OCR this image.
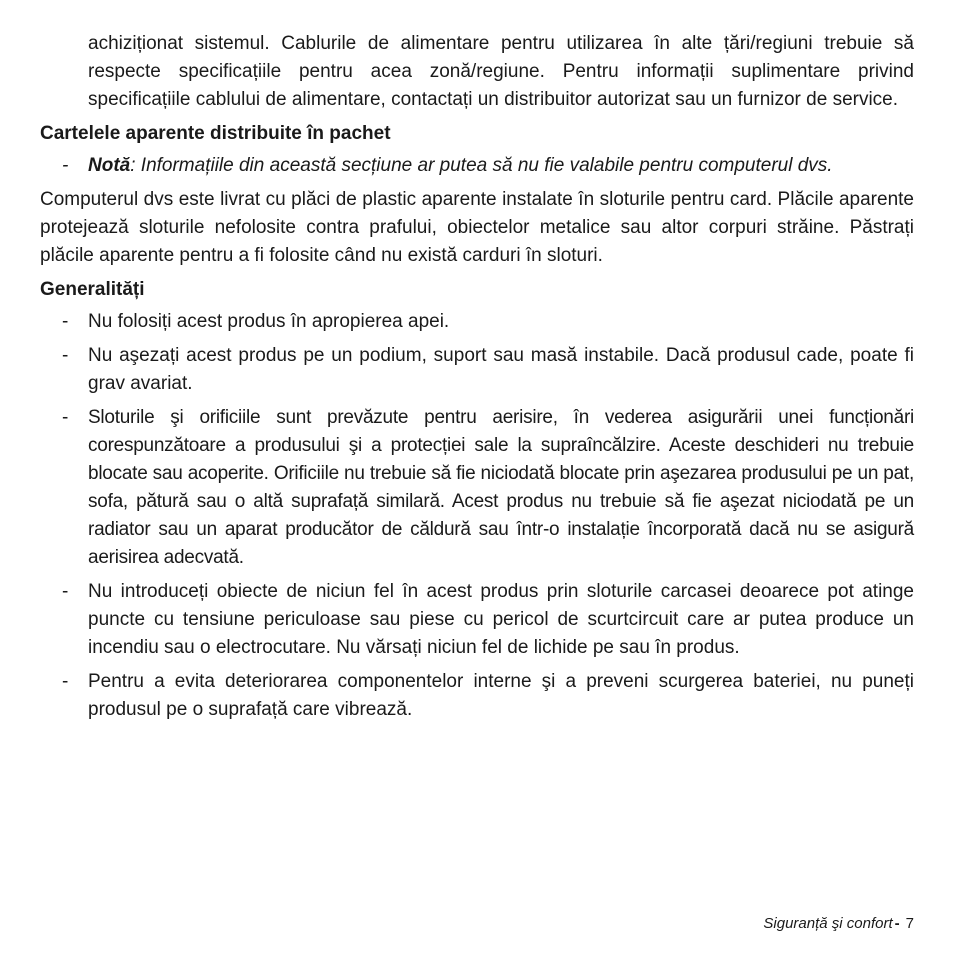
achiziționat sistemul. Cablurile de alimentare pentru utilizarea în alte țări/regiuni trebuie să respecte specificațiile pentru acea zonă/regiune. Pentru informații suplimentare privind specificațiile cablului de alimentare, contactați un distribuitor autorizat sau un furnizor de service.

Cartelele aparente distribuite în pachet

- Notă: Informațiile din această secțiune ar putea să nu fie valabile pentru computerul dvs.

Computerul dvs este livrat cu plăci de plastic aparente instalate în sloturile pentru card. Plăcile aparente protejează sloturile nefolosite contra prafului, obiectelor metalice sau altor corpuri străine. Păstrați plăcile aparente pentru a fi folosite când nu există carduri în sloturi.

Generalități

- Nu folosiți acest produs în apropierea apei.
- Nu aşezați acest produs pe un podium, suport sau masă instabile. Dacă produsul cade, poate fi grav avariat.
- Sloturile şi orificiile sunt prevăzute pentru aerisire, în vederea asigurării unei funcționări corespunzătoare a produsului şi a protecției sale la supraîncălzire. Aceste deschideri nu trebuie blocate sau acoperite. Orificiile nu trebuie să fie niciodată blocate prin aşezarea produsului pe un pat, sofa, pătură sau o altă suprafață similară. Acest produs nu trebuie să fie aşezat niciodată pe un radiator sau un aparat producător de căldură sau într-o instalație încorporată dacă nu se asigură aerisirea adecvată.
- Nu introduceți obiecte de niciun fel în acest produs prin sloturile carcasei deoarece pot atinge puncte cu tensiune periculoase sau piese cu pericol de scurtcircuit care ar putea produce un incendiu sau o electrocutare. Nu vărsați niciun fel de lichide pe sau în produs.
- Pentru a evita deteriorarea componentelor interne şi a preveni scurgerea bateriei, nu puneți produsul pe o suprafață care vibrează.
Siguranță şi confort - 7
